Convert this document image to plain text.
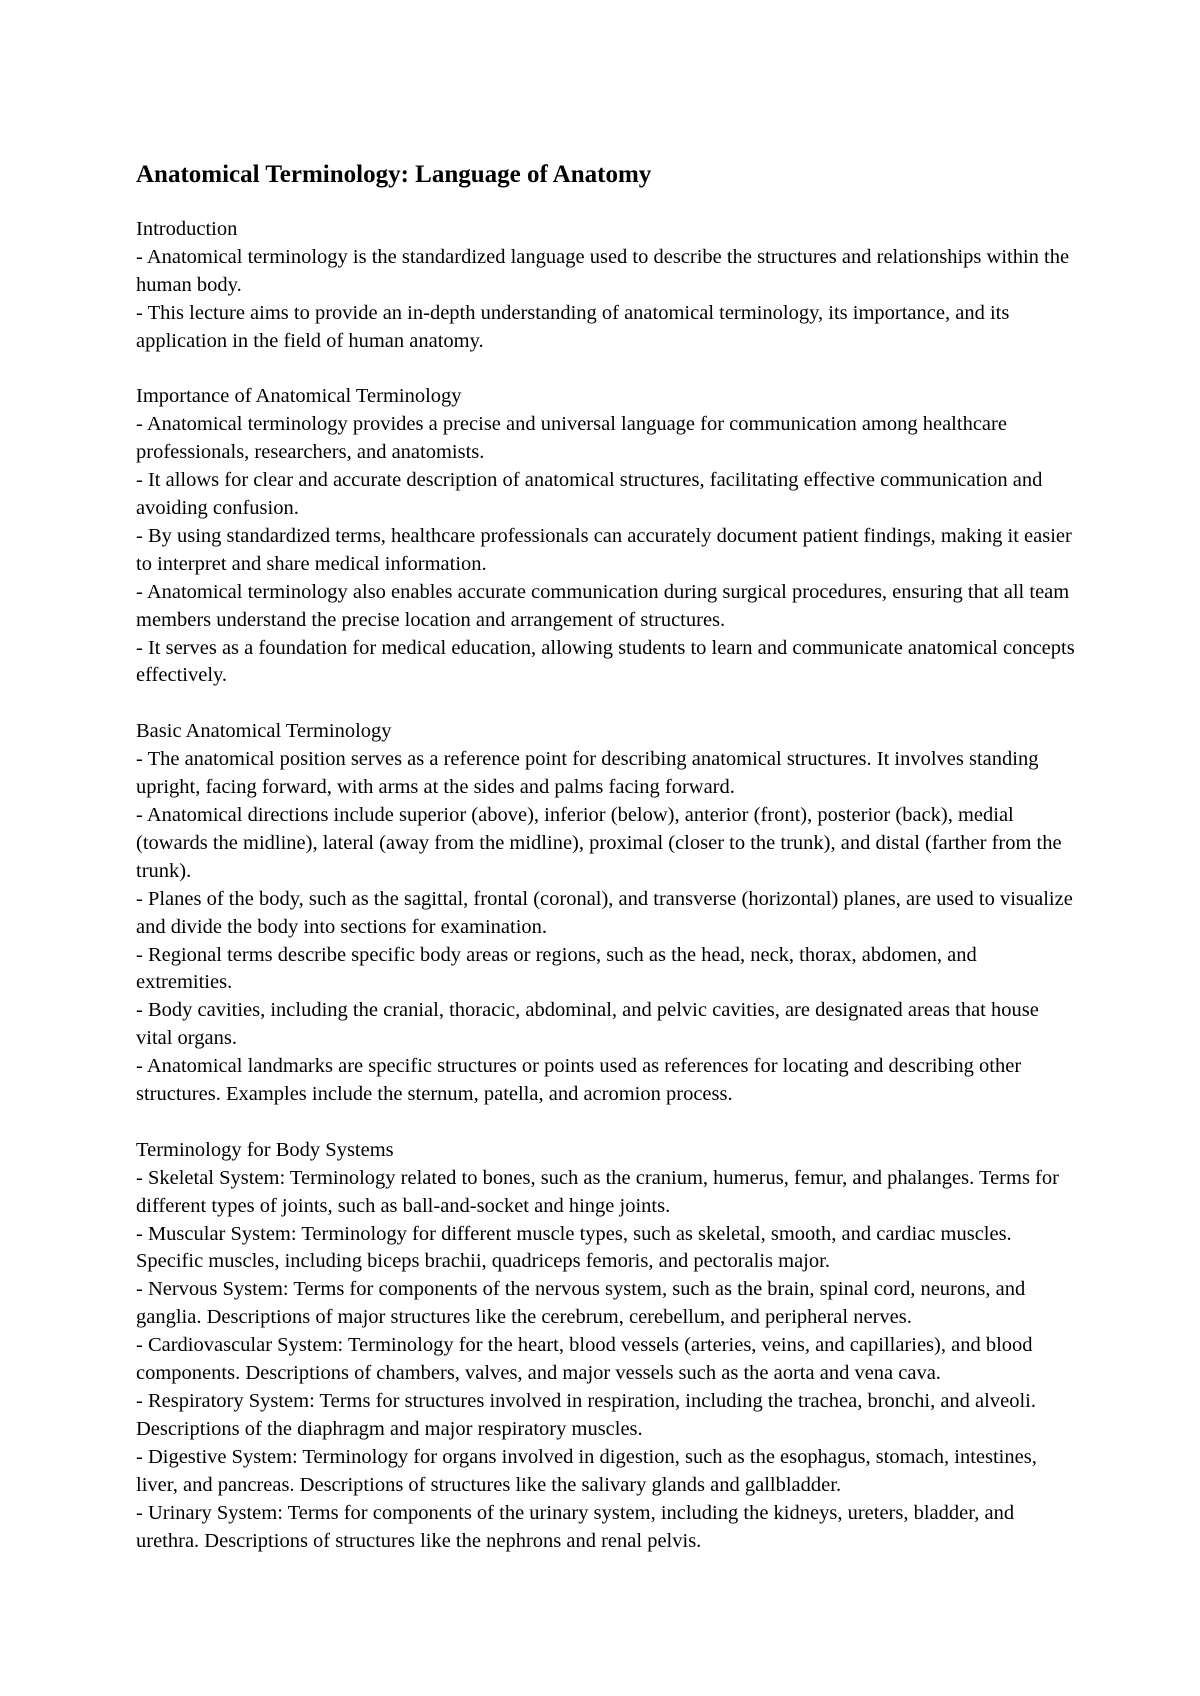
Anatomical Terminology: Language of Anatomy

Introduction

- Anatomical terminology is the standardized language used to describe the structures and relationships within the human body.

- This lecture aims to provide an in-depth understanding of anatomical terminology, its importance, and its application in the field of human anatomy.

Importance of Anatomical Terminology

- Anatomical terminology provides a precise and universal language for communication among healthcare professionals, researchers, and anatomists.

- It allows for clear and accurate description of anatomical structures, facilitating effective communication and avoiding confusion.

- By using standardized terms, healthcare professionals can accurately document patient findings, making it easier to interpret and share medical information.

- Anatomical terminology also enables accurate communication during surgical procedures, ensuring that all team members understand the precise location and arrangement of structures.

- It serves as a foundation for medical education, allowing students to learn and communicate anatomical concepts effectively.

Basic Anatomical Terminology

- The anatomical position serves as a reference point for describing anatomical structures. It involves standing upright, facing forward, with arms at the sides and palms facing forward.

- Anatomical directions include superior (above), inferior (below), anterior (front), posterior (back), medial (towards the midline), lateral (away from the midline), proximal (closer to the trunk), and distal (farther from the trunk).

- Planes of the body, such as the sagittal, frontal (coronal), and transverse (horizontal) planes, are used to visualize and divide the body into sections for examination.

- Regional terms describe specific body areas or regions, such as the head, neck, thorax, abdomen, and extremities.

- Body cavities, including the cranial, thoracic, abdominal, and pelvic cavities, are designated areas that house vital organs.

- Anatomical landmarks are specific structures or points used as references for locating and describing other structures. Examples include the sternum, patella, and acromion process.

Terminology for Body Systems

- Skeletal System: Terminology related to bones, such as the cranium, humerus, femur, and phalanges. Terms for different types of joints, such as ball-and-socket and hinge joints.

- Muscular System: Terminology for different muscle types, such as skeletal, smooth, and cardiac muscles. Specific muscles, including biceps brachii, quadriceps femoris, and pectoralis major.

- Nervous System: Terms for components of the nervous system, such as the brain, spinal cord, neurons, and ganglia. Descriptions of major structures like the cerebrum, cerebellum, and peripheral nerves.

- Cardiovascular System: Terminology for the heart, blood vessels (arteries, veins, and capillaries), and blood components. Descriptions of chambers, valves, and major vessels such as the aorta and vena cava.

- Respiratory System: Terms for structures involved in respiration, including the trachea, bronchi, and alveoli. Descriptions of the diaphragm and major respiratory muscles.

- Digestive System: Terminology for organs involved in digestion, such as the esophagus, stomach, intestines, liver, and pancreas. Descriptions of structures like the salivary glands and gallbladder.

- Urinary System: Terms for components of the urinary system, including the kidneys, ureters, bladder, and urethra. Descriptions of structures like the nephrons and renal pelvis.
